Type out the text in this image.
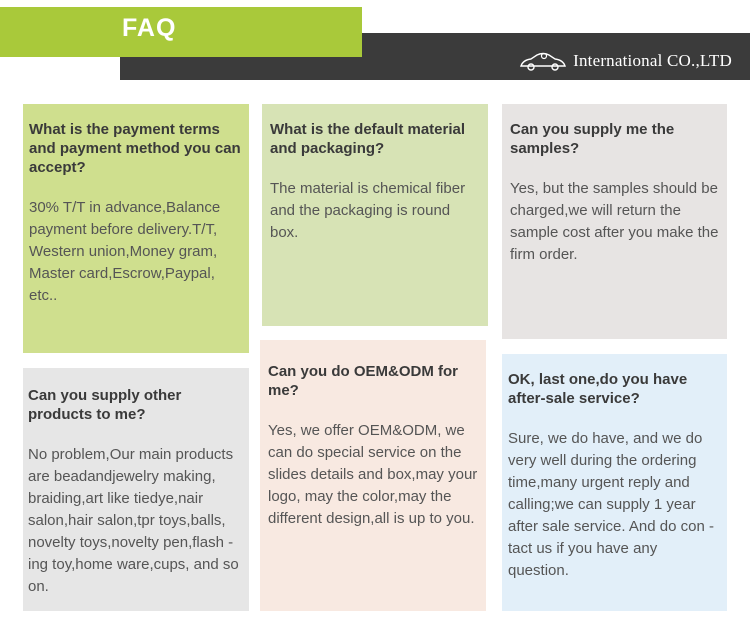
FAQ
International CO.,LTD
What is the payment terms and payment method you can accept?
30% T/T in advance,Balance payment before delivery.T/T, Western union,Money gram, Master card,Escrow,Paypal, etc..
What is the default material and packaging?
The material is chemical fiber and the packaging is round box.
Can you supply me the samples?
Yes, but the samples should be charged,we will return the sample cost after you make the firm order.
Can you supply other products to me?
No problem,Our main products are beadandjewelry making, braiding,art like tiedye,nair salon,hair salon,tpr toys,balls, novelty toys,novelty pen,flash -ing toy,home ware,cups, and so on.
Can you do OEM&ODM for me?
Yes, we offer OEM&ODM, we can do special service on the slides details and box,may your logo, may the color,may the different design,all is up to you.
OK, last one,do you have after-sale service?
Sure, we do have, and we do very well during the ordering time,many urgent reply and calling;we can supply 1 year after sale service. And do con -tact us if you have any question.
